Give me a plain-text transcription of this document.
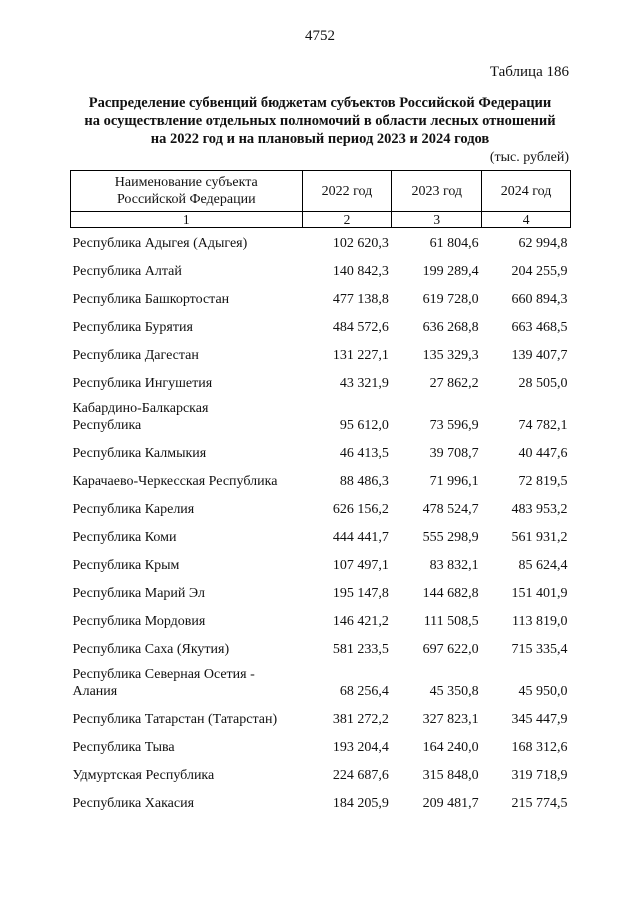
4752
Таблица 186
Распределение субвенций бюджетам субъектов Российской Федерации
на осуществление отдельных полномочий в области лесных отношений
на 2022 год и на плановый период 2023 и 2024 годов
(тыс. рублей)
Наименование субъекта
Российской Федерации	2022 год	2023 год	2024 год
1	2	3	4

Республика Адыгея (Адыгея)	102 620,3	61 804,6	62 994,8

Республика Алтай	140 842,3	199 289,4	204 255,9

Республика Башкортостан	477 138,8	619 728,0	660 894,3

Республика Бурятия	484 572,6	636 268,8	663 468,5

Республика Дагестан	131 227,1	135 329,3	139 407,7

Республика Ингушетия	43 321,9	27 862,2	28 505,0

Кабардино-Балкарская
Республика	95 612,0	73 596,9	74 782,1

Республика Калмыкия	46 413,5	39 708,7	40 447,6

Карачаево-Черкесская Республика	88 486,3	71 996,1	72 819,5

Республика Карелия	626 156,2	478 524,7	483 953,2

Республика Коми	444 441,7	555 298,9	561 931,2

Республика Крым	107 497,1	83 832,1	85 624,4

Республика Марий Эл	195 147,8	144 682,8	151 401,9

Республика Мордовия	146 421,2	111 508,5	113 819,0

Республика Саха (Якутия)	581 233,5	697 622,0	715 335,4

Республика Северная Осетия -
Алания	68 256,4	45 350,8	45 950,0

Республика Татарстан (Татарстан)	381 272,2	327 823,1	345 447,9

Республика Тыва	193 204,4	164 240,0	168 312,6

Удмуртская Республика	224 687,6	315 848,0	319 718,9

Республика Хакасия	184 205,9	209 481,7	215 774,5
